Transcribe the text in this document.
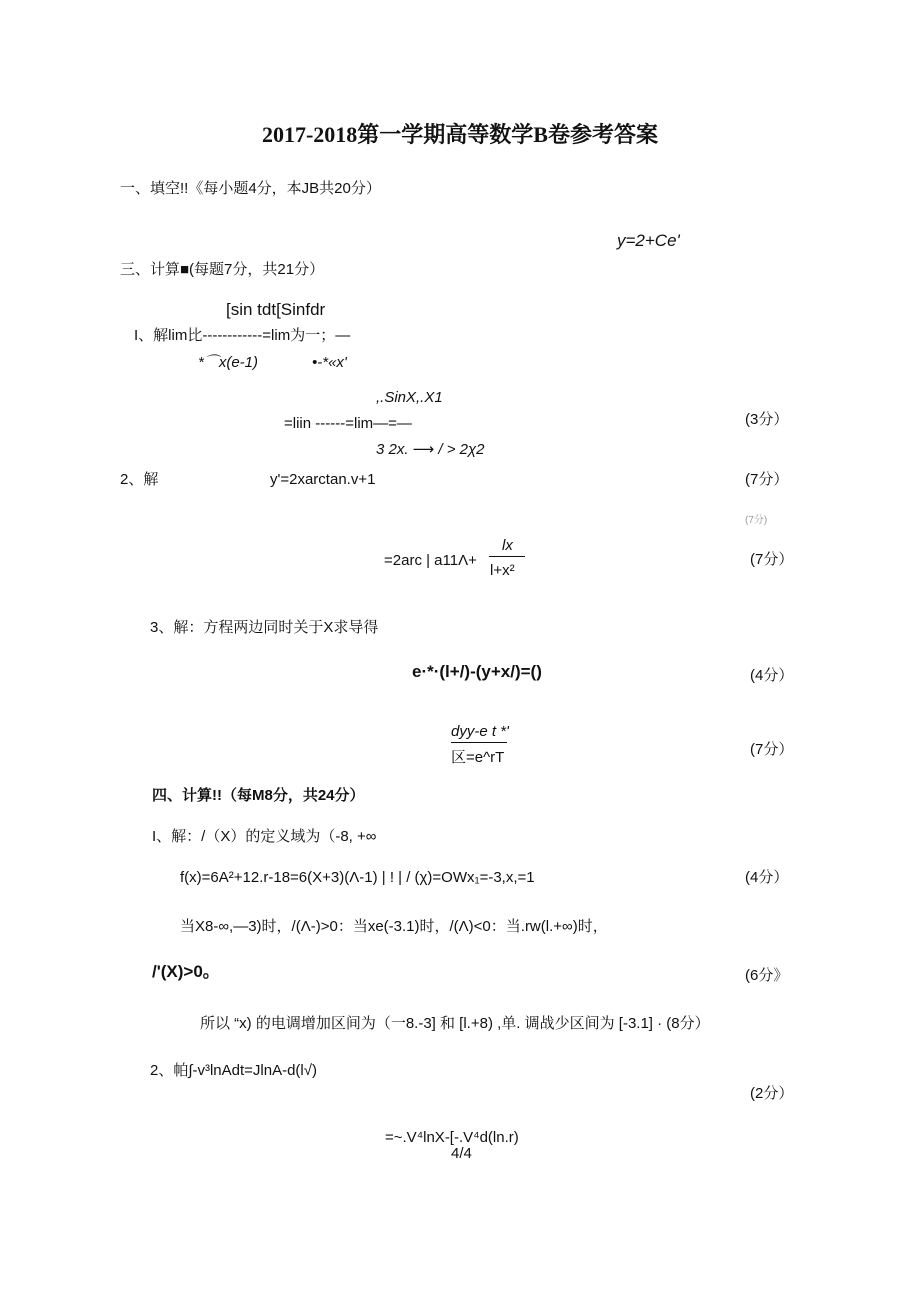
2017-2018第一学期高等数学B卷参考答案
一、填空!!《每小题4分，本JB共20分）
y=2+Ce'
三、计算■(每题7分，共21分）
[sin tdt[Sinfdr
I、解lim比------------=lim为一；—
*⌒x(e-1)	•-*«x'
,.SinX,.X1
=liin ------=lim—=—
3 2x. ⟶ / > 2χ2
(3分）
2、解	y'=2xarctan.v+1	(7分）
(7分)
lx
=2arc | a11Λ+
l+x²
(7分）
3、解：方程两边同时关于X求导得
e·*·(l+/)-(y+x/)=()	(4分）
dyy-e t *'
区=e^rT	(7分）
四、计算!!（每M8分，共24分）
I、解：/（X）的定义域为（-8, +∞
f(x)=6A²+12.r-18=6(X+3)(Λ-1) | ! | / (χ)=OWx₁=-3,x,=1	(4分）
当X8-∞,—3)时，/(Λ-)>0：当xe(-3.1)时，/(Λ)<0：当.rw(l.+∞)时，
/'(X)>0。	(6分》
所以 “x) 的电调增加区间为（一8.-3] 和 [l.+8) ,单. 调战少区间为 [-3.1] · (8分）
2、帕∫-v³lnAdt=JlnA-d(l√)
(2分）
=~.V⁴lnX-[-.V⁴d(ln.r)
4/4
